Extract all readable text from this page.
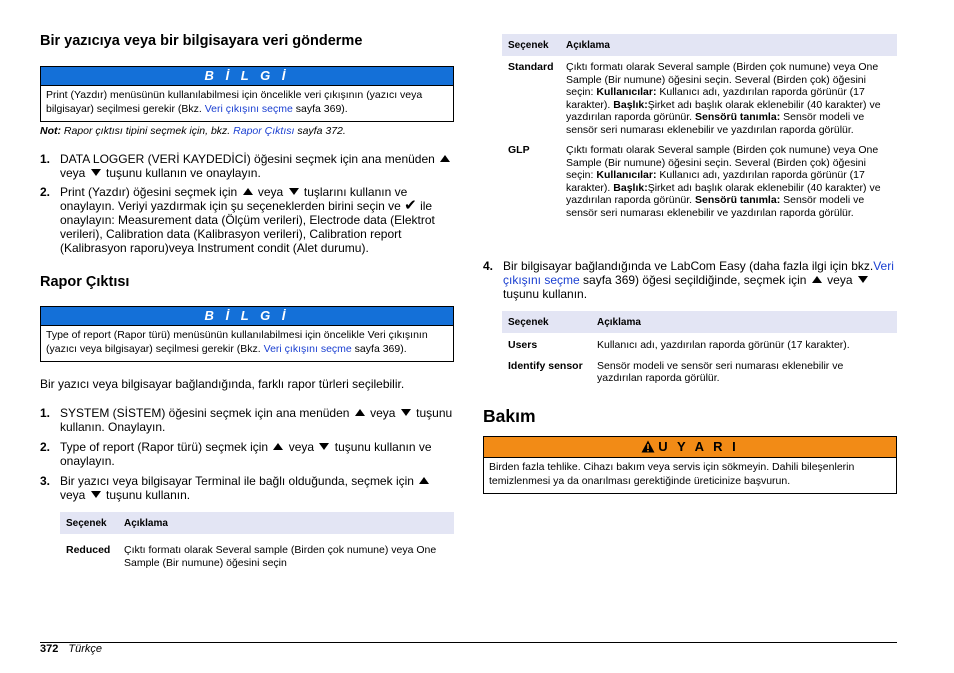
Bir yazıcıya veya bir bilgisayara veri gönderme
B İ L G İ
Print (Yazdır) menüsünün kullanılabilmesi için öncelikle veri çıkışının (yazıcı veya bilgisayar) seçilmesi gerekir (Bkz. Veri çıkışını seçme sayfa 369).
Not: Rapor çıktısı tipini seçmek için, bkz. Rapor Çıktısı sayfa 372.
1. DATA LOGGER (VERİ KAYDEDİCİ) öğesini seçmek için ana menüden  veya  tuşunu kullanın ve onaylayın.
2. Print (Yazdır) öğesini seçmek için  veya  tuşlarını kullanın ve onaylayın. Veriyi yazdırmak için şu seçeneklerden birini seçin ve ✔ ile onaylayın: Measurement data (Ölçüm verileri), Electrode data (Elektrot verileri), Calibration data (Kalibrasyon verileri), Calibration report (Kalibrasyon raporu)veya Instrument condit (Alet durumu).
Rapor Çıktısı
B İ L G İ
Type of report (Rapor türü) menüsünün kullanılabilmesi için öncelikle Veri çıkışının (yazıcı veya bilgisayar) seçilmesi gerekir (Bkz. Veri çıkışını seçme sayfa 369).

Bir yazıcı veya bilgisayar bağlandığında, farklı rapor türleri seçilebilir.

1. SYSTEM (SİSTEM) öğesini seçmek için ana menüden  veya  tuşunu kullanın. Onaylayın.
2. Type of report (Rapor türü) seçmek için  veya  tuşunu kullanın ve onaylayın.
3. Bir yazıcı veya bilgisayar Terminal ile bağlı olduğunda, seçmek için  veya  tuşunu kullanın.
Seçenek	Açıklama
Reduced	Çıktı formatı olarak Several sample (Birden çok numune) veya One Sample (Bir numune) öğesini seçin
Seçenek	Açıklama
Standard	Çıktı formatı olarak Several sample (Birden çok numune) veya One Sample (Bir numune) öğesini seçin. Several (Birden çok) öğesini seçin: Kullanıcılar: Kullanıcı adı, yazdırılan raporda görünür (17 karakter). Başlık:Şirket adı başlık olarak eklenebilir (40 karakter) ve yazdırılan raporda görünür. Sensörü tanımla: Sensör modeli ve sensör seri numarası eklenebilir ve yazdırılan raporda görülür.
GLP	Çıktı formatı olarak Several sample (Birden çok numune) veya One Sample (Bir numune) öğesini seçin. Several (Birden çok) öğesini seçin: Kullanıcılar: Kullanıcı adı, yazdırılan raporda görünür (17 karakter). Başlık:Şirket adı başlık olarak eklenebilir (40 karakter) ve yazdırılan raporda görünür. Sensörü tanımla: Sensör modeli ve sensör seri numarası eklenebilir ve yazdırılan raporda görülür.
4. Bir bilgisayar bağlandığında ve LabCom Easy (daha fazla ilgi için bkz.Veri çıkışını seçme sayfa 369) öğesi seçildiğinde, seçmek için  veya  tuşunu kullanın.
Seçenek	Açıklama
Users	Kullanıcı adı, yazdırılan raporda görünür (17 karakter).
Identify sensor	Sensör modeli ve sensör seri numarası eklenebilir ve yazdırılan raporda görülür.
Bakım
U Y A R I
Birden fazla tehlike. Cihazı bakım veya servis için sökmeyin. Dahili bileşenlerin temizlenmesi ya da onarılması gerektiğinde üreticinize başvurun.
372 Türkçe
